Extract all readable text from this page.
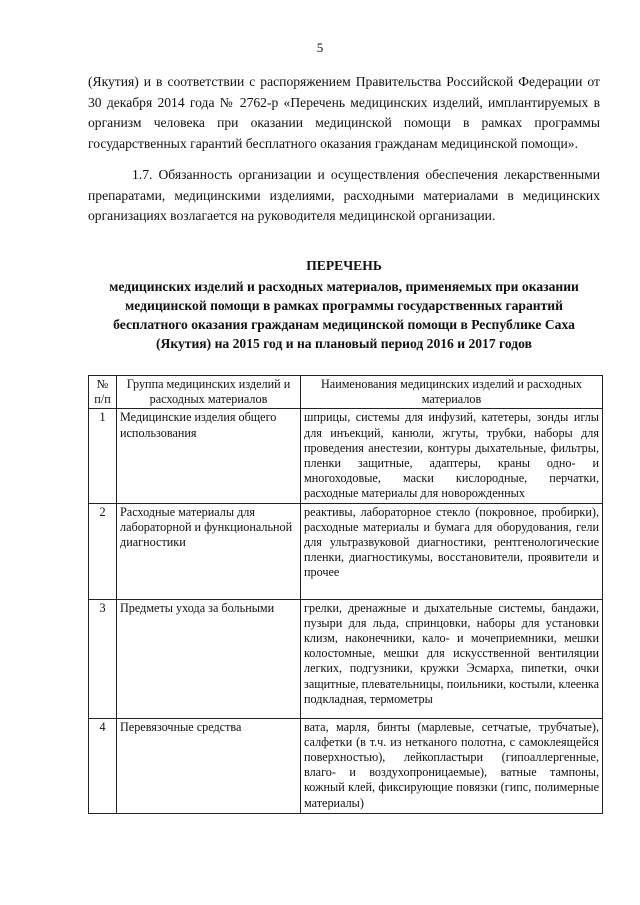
5

(Якутия) и в соответствии с распоряжением Правительства Российской Федерации от 30 декабря 2014 года № 2762-р «Перечень медицинских изделий, имплантируемых в организм человека при оказании медицинской помощи в рамках программы государственных гарантий бесплатного оказания гражданам медицинской помощи».

1.7. Обязанность организации и осуществления обеспечения лекарственными препаратами, медицинскими изделиями, расходными материалами в медицинских организациях возлагается на руководителя медицинской организации.

ПЕРЕЧЕНЬ
медицинских изделий и расходных материалов, применяемых при оказании медицинской помощи в рамках программы государственных гарантий бесплатного оказания гражданам медицинской помощи в Республике Саха (Якутия) на 2015 год и на плановый период 2016 и 2017 годов
№ п/п	Группа медицинских изделий и расходных материалов	Наименования медицинских изделий и расходных материалов
1	Медицинские изделия общего использования	шприцы, системы для инфузий, катетеры, зонды иглы для инъекций, канюли, жгуты, трубки, наборы для проведения анестезии, контуры дыхательные, фильтры, пленки защитные, адаптеры, краны одно- и многоходовые, маски кислородные, перчатки, расходные материалы для новорожденных
2	Расходные материалы для лабораторной и функциональной диагностики	реактивы, лабораторное стекло (покровное, пробирки), расходные материалы и бумага для оборудования, гели для ультразвуковой диагностики, рентгенологические пленки, диагностикумы, восстановители, проявители и прочее
3	Предметы ухода за больными	грелки, дренажные и дыхательные системы, бандажи, пузыри для льда, спринцовки, наборы для установки клизм, наконечники, кало- и мочеприемники, мешки колостомные, мешки для искусственной вентиляции легких, подгузники, кружки Эсмарха, пипетки, очки защитные, плевательницы, поильники, костыли, клеенка подкладная, термометры
4	Перевязочные средства	вата, марля, бинты (марлевые, сетчатые, трубчатые), салфетки (в т.ч. из нетканого полотна, с самоклеящейся поверхностью), лейкопластыри (гипоаллергенные, влаго- и воздухопроницаемые), ватные тампоны, кожный клей, фиксирующие повязки (гипс, полимерные материалы)
